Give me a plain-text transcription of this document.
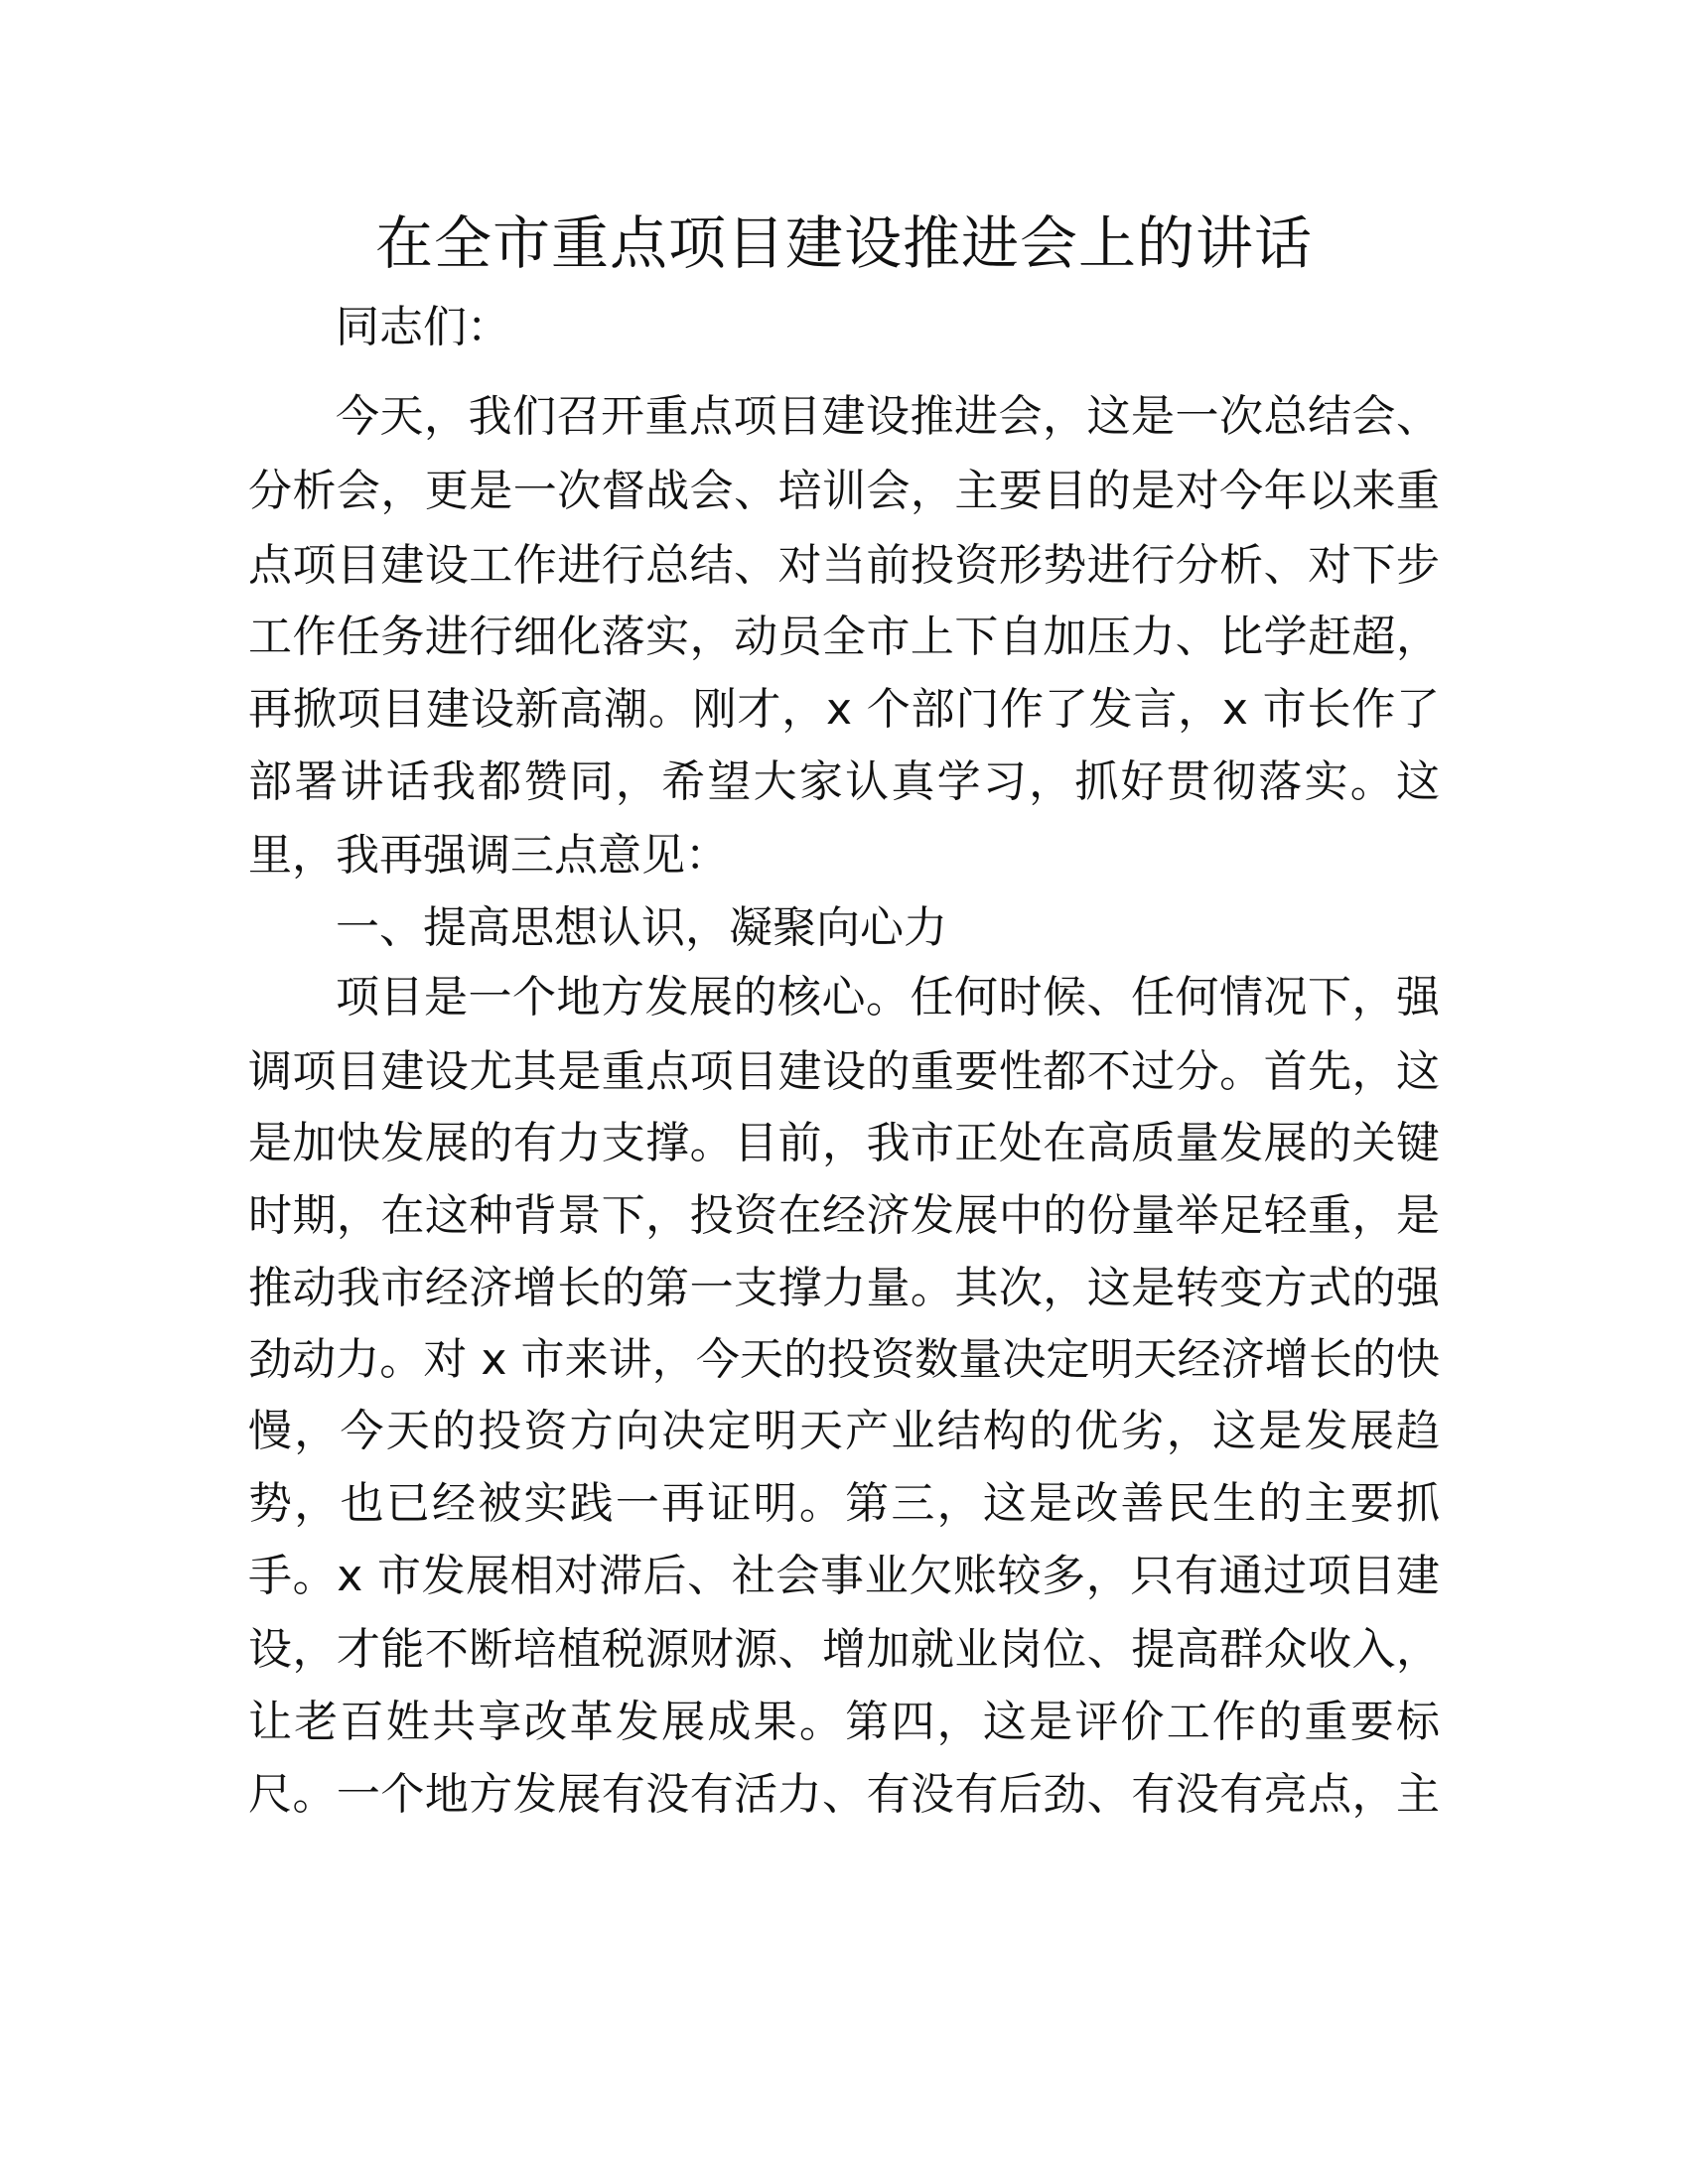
在全市重点项目建设推进会上的讲话

同志们：

今天，我们召开重点项目建设推进会，这是一次总结会、

分析会，更是一次督战会、培训会，主要目的是对今年以来重

点项目建设工作进行总结、对当前投资形势进行分析、对下步

工作任务进行细化落实，动员全市上下自加压力、比学赶超，

再掀项目建设新高潮。刚才，x 个部门作了发言，x 市长作了

部署讲话我都赞同，希望大家认真学习，抓好贯彻落实。这

里，我再强调三点意见：

一、提高思想认识，凝聚向心力

项目是一个地方发展的核心。任何时候、任何情况下，强

调项目建设尤其是重点项目建设的重要性都不过分。首先，这

是加快发展的有力支撑。目前，我市正处在高质量发展的关键

时期，在这种背景下，投资在经济发展中的份量举足轻重，是

推动我市经济增长的第一支撑力量。其次，这是转变方式的强

劲动力。对 x 市来讲，今天的投资数量决定明天经济增长的快

慢，今天的投资方向决定明天产业结构的优劣，这是发展趋

势，也已经被实践一再证明。第三，这是改善民生的主要抓

手。x 市发展相对滞后、社会事业欠账较多，只有通过项目建

设，才能不断培植税源财源、增加就业岗位、提高群众收入，

让老百姓共享改革发展成果。第四，这是评价工作的重要标

尺。一个地方发展有没有活力、有没有后劲、有没有亮点，主
